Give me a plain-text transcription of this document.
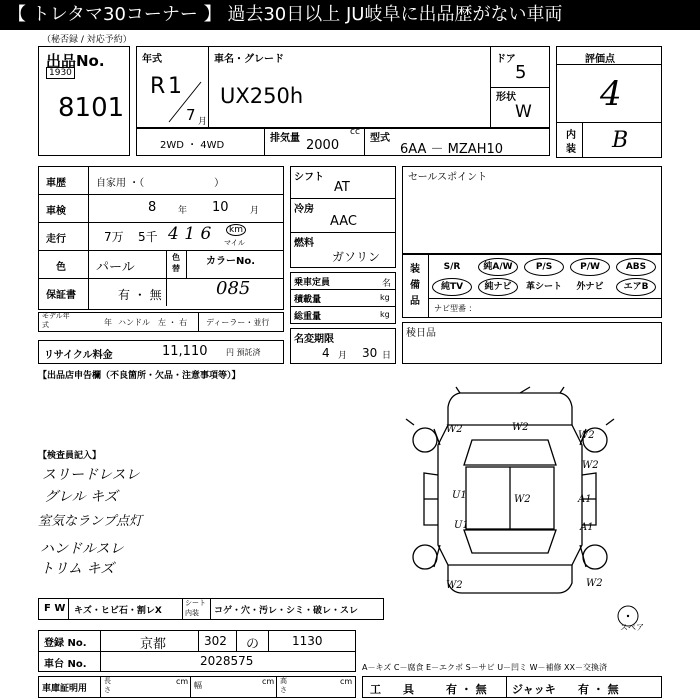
【 トレタマ30コーナー 】 過去30日以上 JU岐阜に出品歴がない車両
（秘否録 / 対応予約）
出品No.
1930
8101
年式
R 1
7 月
車名・グレード
UX250h
ドア
5
形状
W
評価点
4
内
装 B
2WD ・ 4WD
排気量
cc
2000	型式
6AA － MZAH10
車歴	自家用 ・（　　　　　　　）
車検	8 年 10 月
走行	7万 5千 4 1 6	km
マイル
色 パール
色替
カラーNo.
085
保証書	有 ・ 無
モデル年式	年 ハンドル　左 ・ 右 ディーラー・並行
リサイクル料金	11,110 円 預託済
シフト
AT
冷房
AAC
燃料
ガソリン
乗車定員	名
積載量	kg
総重量	kg
名変期限
4 月 30 日
セールスポイント
装備品
ナビ型番 ：
S/R	純A/W	P/S	P/W	ABS
純TV	純ナビ	革シート	外ナビ	エアB
稜日品
【出品店申告欄（不良箇所・欠品・注意事項等）】
【検査員記入】
スリードレスレ
グレル キズ
室気なランプ点灯
ハンドルスレ
トリム キズ
W2	W2
W2
W2
U1	W2	A1
U1	A1
W2	W2
スペア
F W キズ・ヒビ石・割レX
シート内装	コゲ・穴・汚レ・シミ・破レ・スレ
登録 No.	京都	302 の	1130
車台 No.	2028575	A－キズ C－腐食 E－エクボ S－サビ U－凹ミ W－補修 XX－交換済
車庫証明用
長さ
cm 幅	cm 高さ
cm
工　　具	有 ・ 無 ジャッキ 有 ・ 無
